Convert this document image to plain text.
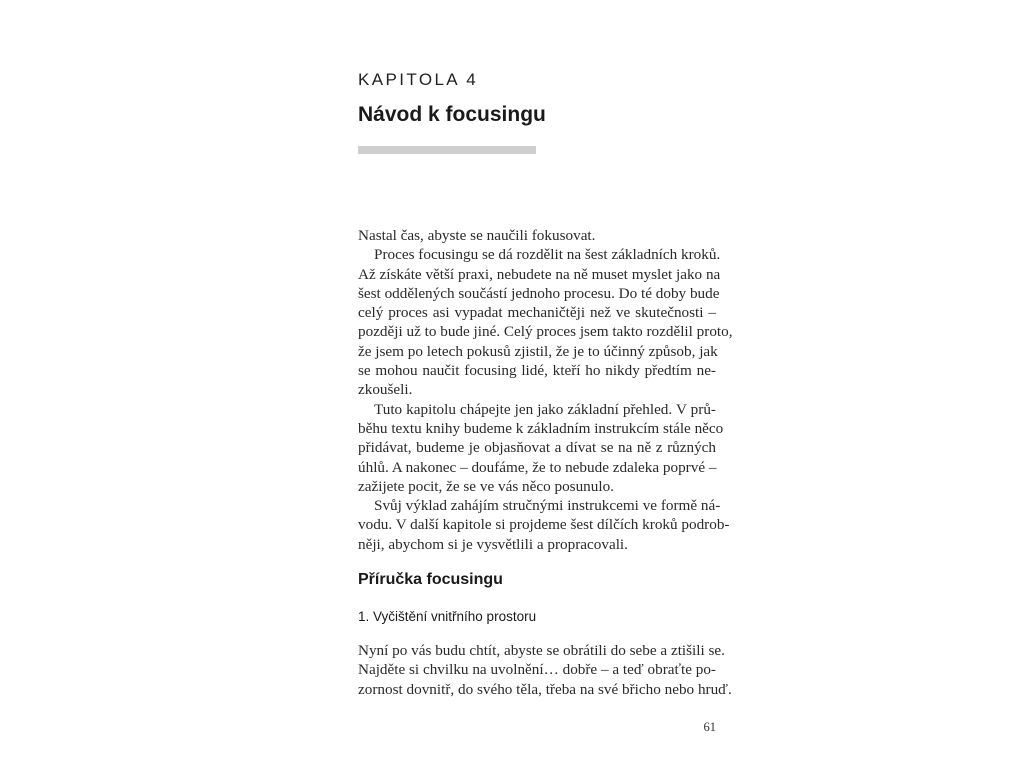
KAPITOLA 4
Návod k focusingu
Nastal čas, abyste se naučili fokusovat.
Proces focusingu se dá rozdělit na šest základních kroků.
Až získáte větší praxi, nebudete na ně muset myslet jako na
šest oddělených součástí jednoho procesu. Do té doby bude
celý proces asi vypadat mechaničtěji než ve skutečnosti –
později už to bude jiné. Celý proces jsem takto rozdělil proto,
že jsem po letech pokusů zjistil, že je to účinný způsob, jak
se mohou naučit focusing lidé, kteří ho nikdy předtím ne-
zkoušeli.
Tuto kapitolu chápejte jen jako základní přehled. V prů-
běhu textu knihy budeme k základním instrukcím stále něco
přidávat, budeme je objasňovat a dívat se na ně z různých
úhlů. A nakonec – doufáme, že to nebude zdaleka poprvé –
zažijete pocit, že se ve vás něco posunulo.
Svůj výklad zahájím stručnými instrukcemi ve formě ná-
vodu. V další kapitole si projdeme šest dílčích kroků podrob-
něji, abychom si je vysvětlili a propracovali.
Příručka focusingu
1. Vyčištění vnitřního prostoru
Nyní po vás budu chtít, abyste se obrátili do sebe a ztišili se.
Najděte si chvilku na uvolnění… dobře – a teď obraťte po-
zornost dovnitř, do svého těla, třeba na své břicho nebo hruď.
61
